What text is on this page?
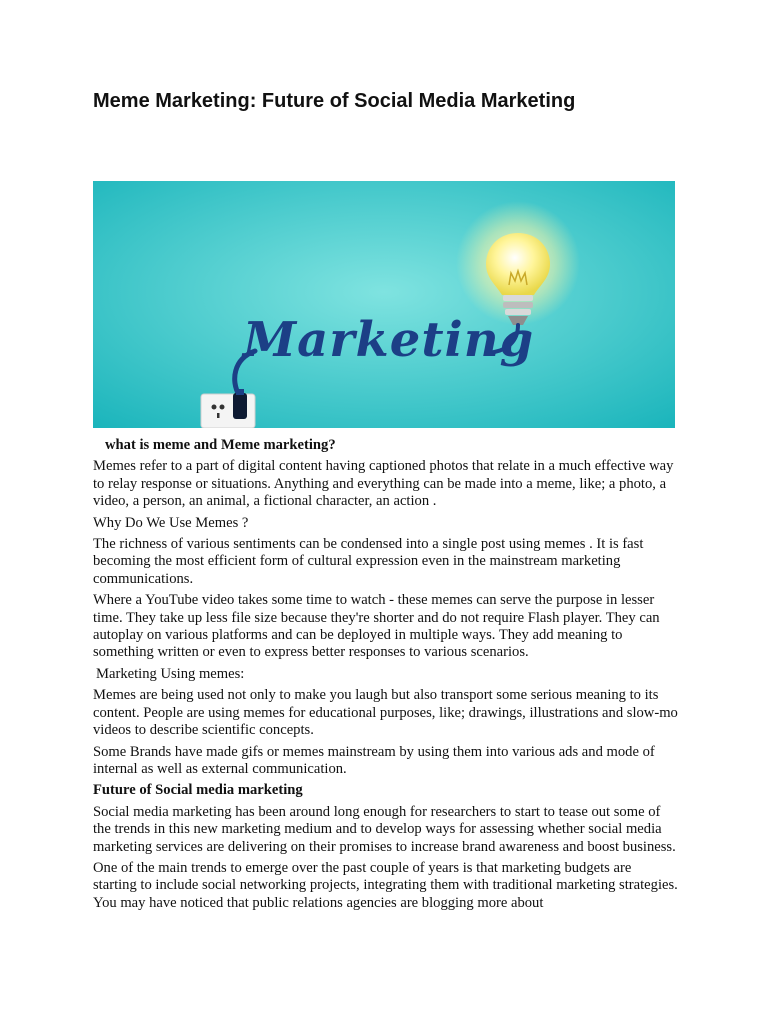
Meme Marketing: Future of Social Media Marketing
Marketing

what is meme and Meme marketing?

Memes refer to a part of digital content having captioned photos that relate in a much effective way to relay response or situations. Anything and everything can be made into a meme, like; a photo, a video, a person, an animal, a fictional character, an action .

Why Do We Use Memes ?

The richness of various sentiments can be condensed into a single post using memes . It is fast becoming the most efficient form of cultural expression even in the mainstream marketing communications.

Where a YouTube video takes some time to watch - these memes can serve the purpose in lesser time. They take up less file size because they're shorter and do not require Flash player. They can autoplay on various platforms and can be deployed in multiple ways. They add meaning to something written or even to express better responses to various scenarios.

Marketing Using memes:

Memes are being used not only to make you laugh but also transport some serious meaning to its content. People are using memes for educational purposes, like; drawings, illustrations and slow-mo videos to describe scientific concepts.

Some Brands have made gifs or memes mainstream by using them into various ads and mode of internal as well as external communication.

Future of Social media marketing

Social media marketing has been around long enough for researchers to start to tease out some of the trends in this new marketing medium and to develop ways for assessing whether social media marketing services are delivering on their promises to increase brand awareness and boost business.

One of the main trends to emerge over the past couple of years is that marketing budgets are starting to include social networking projects, integrating them with traditional marketing strategies. You may have noticed that public relations agencies are blogging more about
